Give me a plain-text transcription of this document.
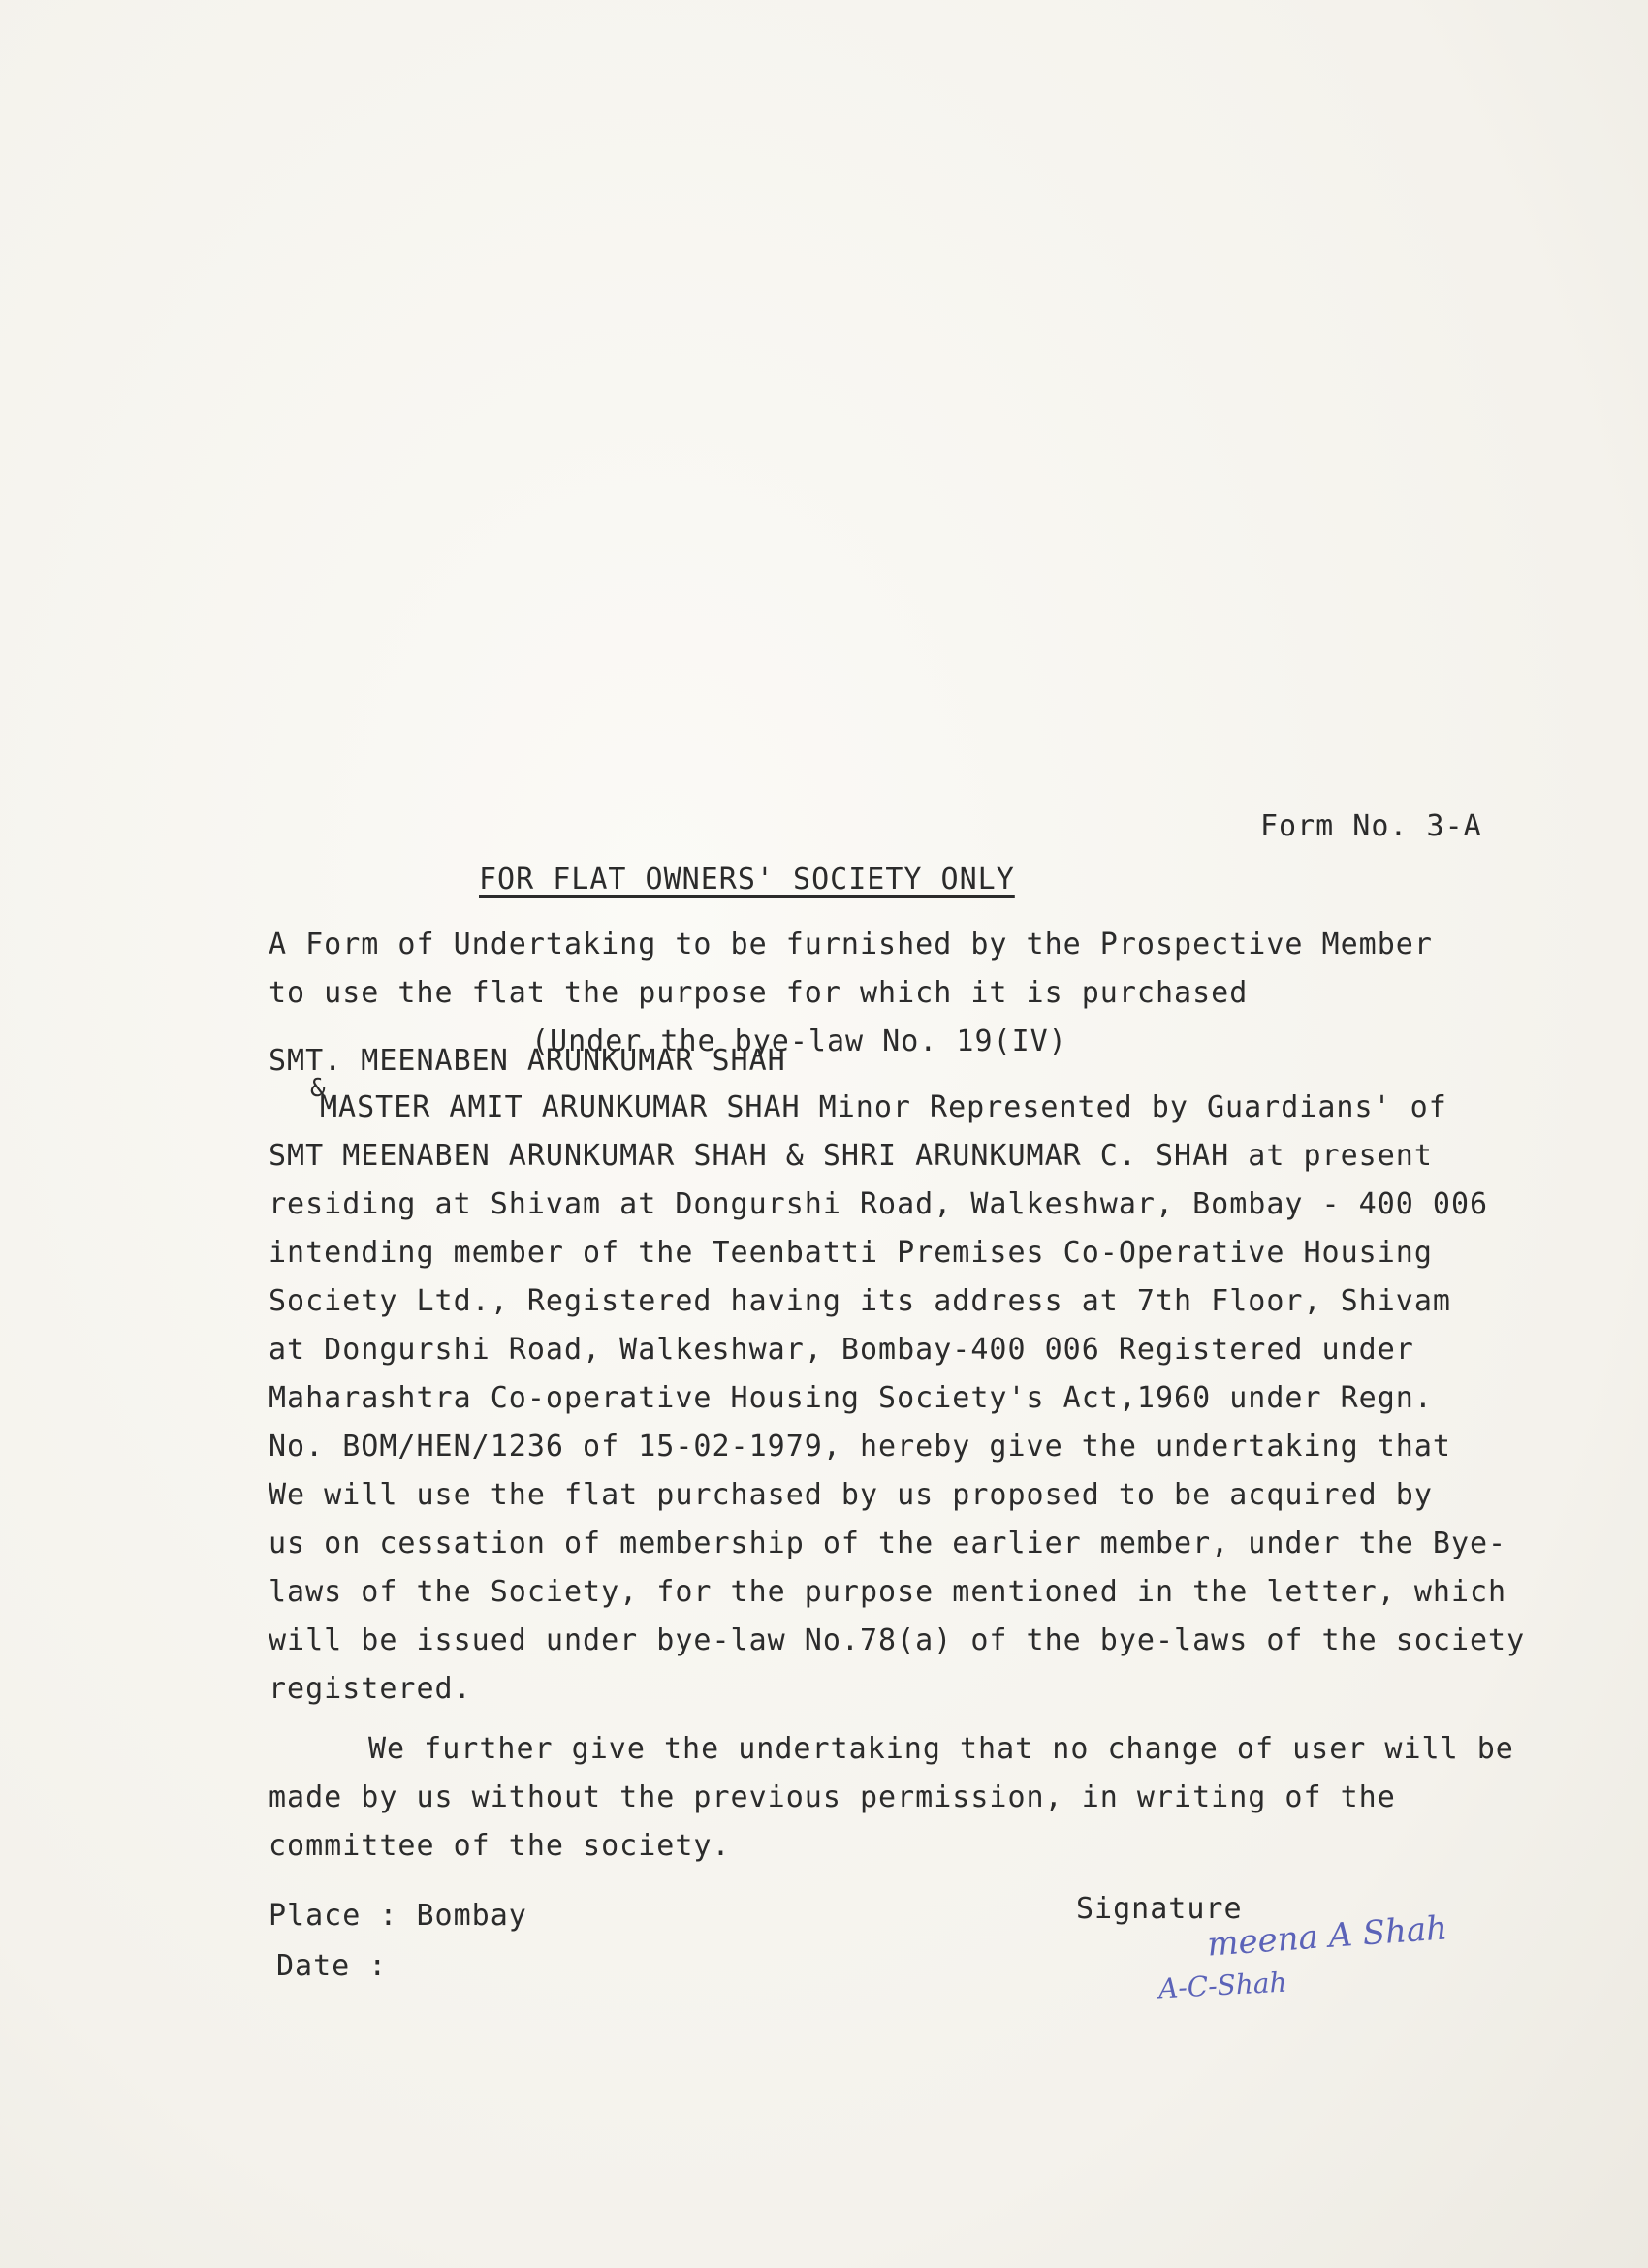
Form No. 3-A
FOR FLAT OWNERS' SOCIETY ONLY
A Form of Undertaking to be furnished by the Prospective Member
to use the flat the purpose for which it is purchased
(Under the bye-law No. 19(IV)
SMT. MEENABEN ARUNKUMAR SHAH
&
MASTER AMIT ARUNKUMAR SHAH Minor Represented by Guardians' of
SMT MEENABEN ARUNKUMAR SHAH & SHRI ARUNKUMAR C. SHAH at present
residing at Shivam at Dongurshi Road, Walkeshwar, Bombay - 400 006
intending member of the Teenbatti Premises Co-Operative Housing
Society Ltd., Registered having its address at 7th Floor, Shivam
at Dongurshi Road, Walkeshwar, Bombay-400 006 Registered under
Maharashtra Co-operative Housing Society's Act,1960 under Regn.
No. BOM/HEN/1236 of 15-02-1979, hereby give the undertaking that
We will use the flat purchased by us proposed to be acquired by
us on cessation of membership of the earlier member, under the Bye-
laws of the Society, for the purpose mentioned in the letter, which
will be issued under bye-law No.78(a) of the bye-laws of the society
registered.
We further give the undertaking that no change of user will be
made by us without the previous permission, in writing of the
committee of the society.
Place : Bombay
Date :
Signature
meena A Shah
A-C-Shah
